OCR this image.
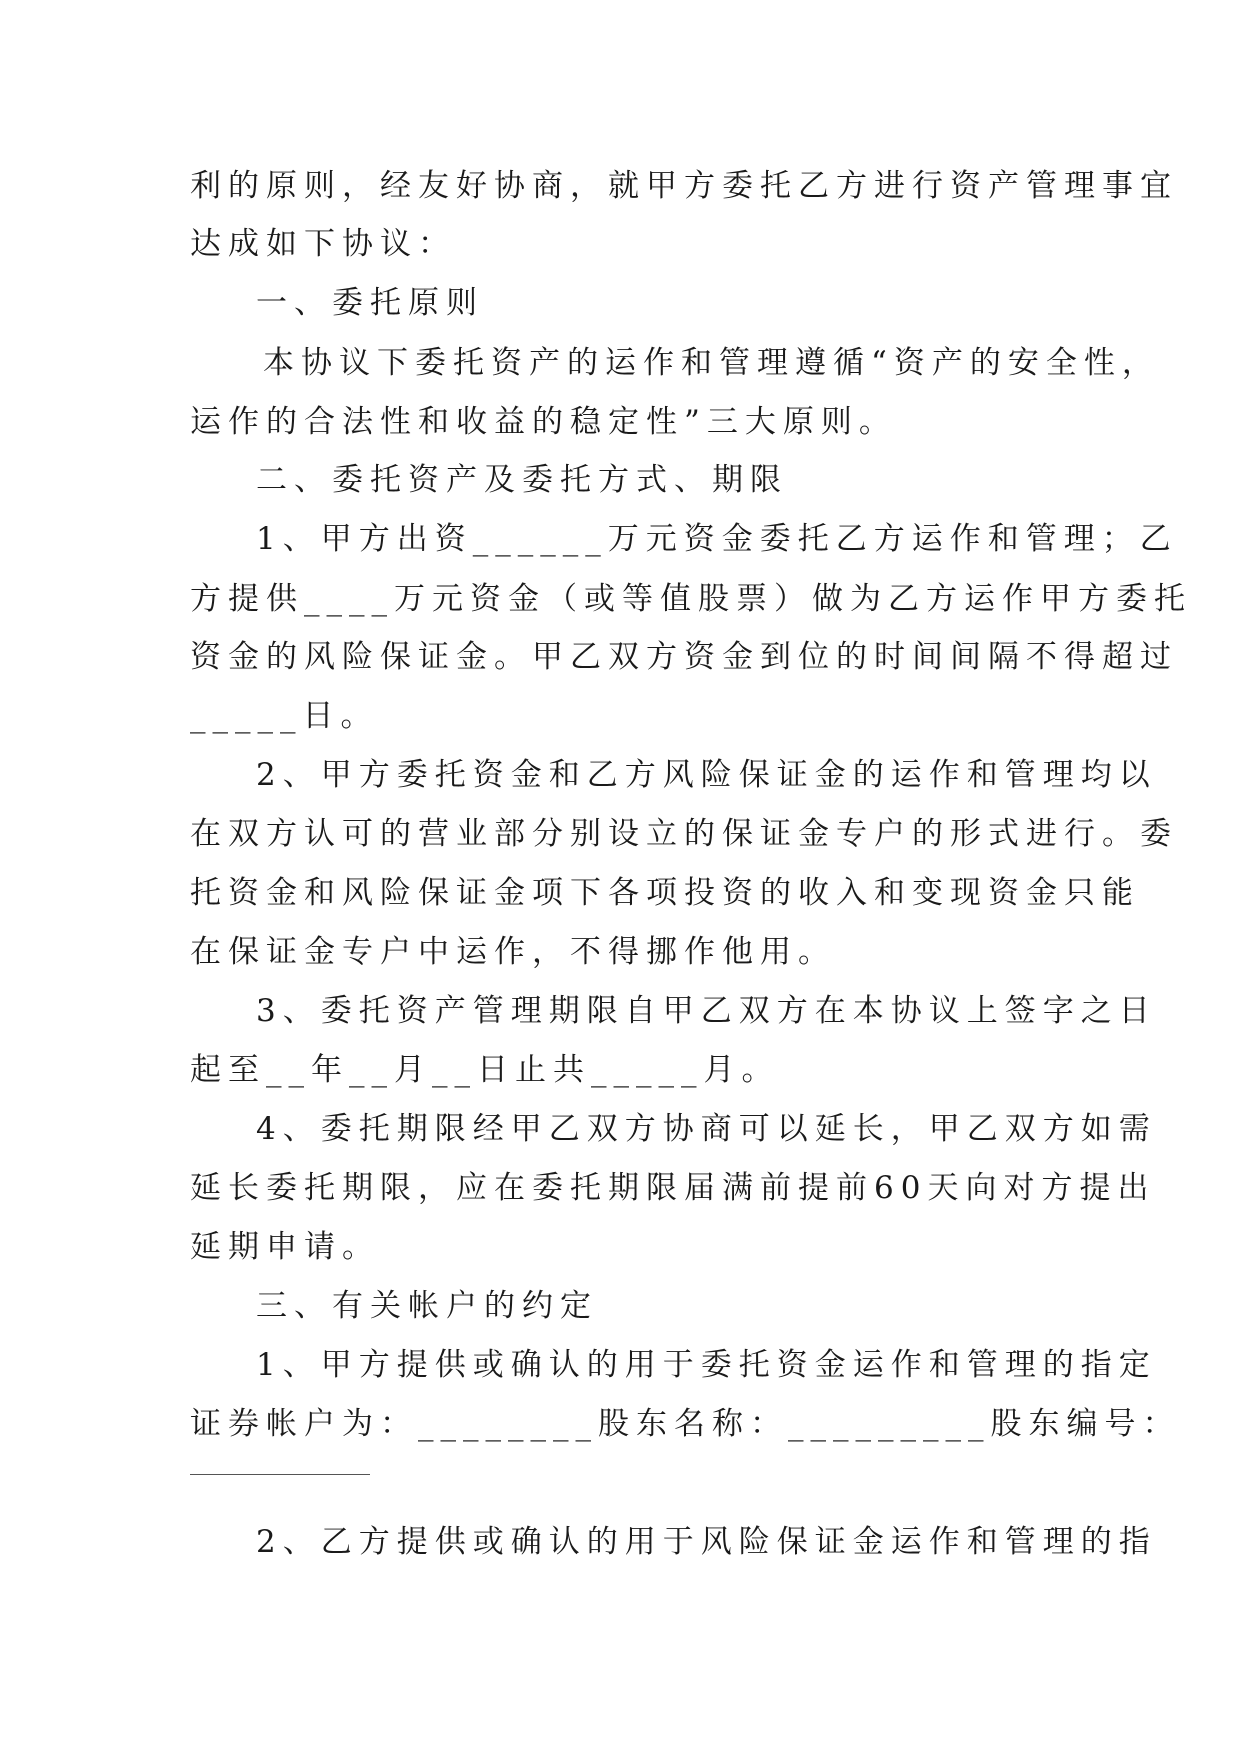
利的原则，经友好协商，就甲方委托乙方进行资产管理事宜

达成如下协议：

一、委托原则

本协议下委托资产的运作和管理遵循“资产的安全性，

运作的合法性和收益的稳定性”三大原则。

二、委托资产及委托方式、期限

1、甲方出资______万元资金委托乙方运作和管理；乙

方提供____万元资金（或等值股票）做为乙方运作甲方委托

资金的风险保证金。甲乙双方资金到位的时间间隔不得超过

_____日。

2、甲方委托资金和乙方风险保证金的运作和管理均以

在双方认可的营业部分别设立的保证金专户的形式进行。委

托资金和风险保证金项下各项投资的收入和变现资金只能

在保证金专户中运作，不得挪作他用。

3、委托资产管理期限自甲乙双方在本协议上签字之日

起至__年__月__日止共_____月。

4、委托期限经甲乙双方协商可以延长，甲乙双方如需

延长委托期限，应在委托期限届满前提前60天向对方提出

延期申请。

三、有关帐户的约定

1、甲方提供或确认的用于委托资金运作和管理的指定

证券帐户为：________股东名称：_________股东编号：

2、乙方提供或确认的用于风险保证金运作和管理的指
